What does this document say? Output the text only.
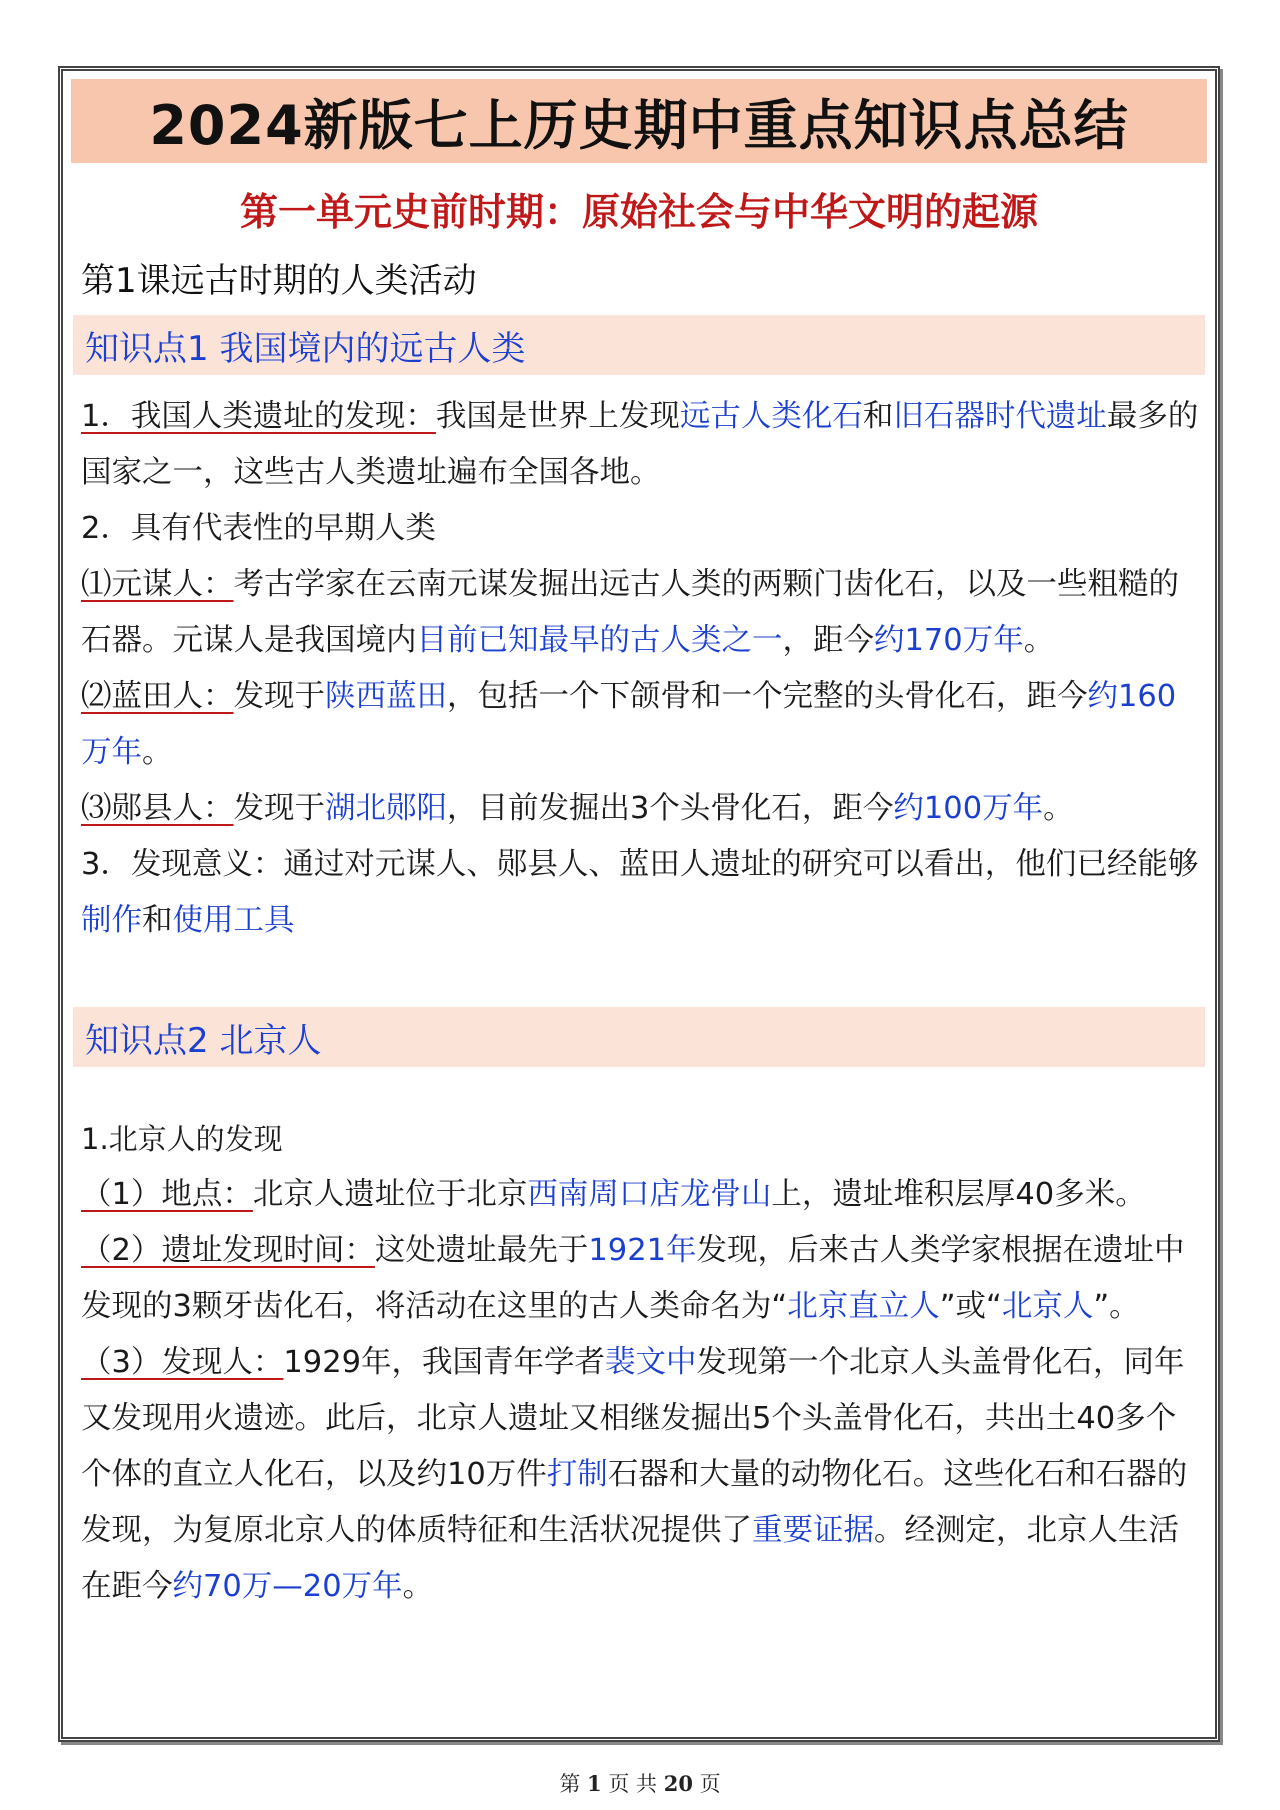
2024新版七上历史期中重点知识点总结
第一单元史前时期：原始社会与中华文明的起源
第1课远古时期的人类活动
知识点1 我国境内的远古人类

1．我国人类遗址的发现：我国是世界上发现远古人类化石和旧石器时代遗址最多的国家之一，这些古人类遗址遍布全国各地。

2．具有代表性的早期人类

⑴元谋人：考古学家在云南元谋发掘出远古人类的两颗门齿化石，以及一些粗糙的石器。元谋人是我国境内目前已知最早的古人类之一，距今约170万年。

⑵蓝田人：发现于陕西蓝田，包括一个下颌骨和一个完整的头骨化石，距今约160万年。

⑶郧县人：发现于湖北郧阳，目前发掘出3个头骨化石，距今约100万年。

3．发现意义：通过对元谋人、郧县人、蓝田人遗址的研究可以看出，他们已经能够制作和使用工具

知识点2 北京人

1.北京人的发现

（1）地点：北京人遗址位于北京西南周口店龙骨山上，遗址堆积层厚40多米。

（2）遗址发现时间：这处遗址最先于1921年发现，后来古人类学家根据在遗址中发现的3颗牙齿化石，将活动在这里的古人类命名为“北京直立人”或“北京人”。

（3）发现人：1929年，我国青年学者裴文中发现第一个北京人头盖骨化石，同年又发现用火遗迹。此后，北京人遗址又相继发掘出5个头盖骨化石，共出土40多个个体的直立人化石，以及约10万件打制石器和大量的动物化石。这些化石和石器的发现，为复原北京人的体质特征和生活状况提供了重要证据。经测定，北京人生活在距今约70万—20万年。

第 1 页 共 20 页
